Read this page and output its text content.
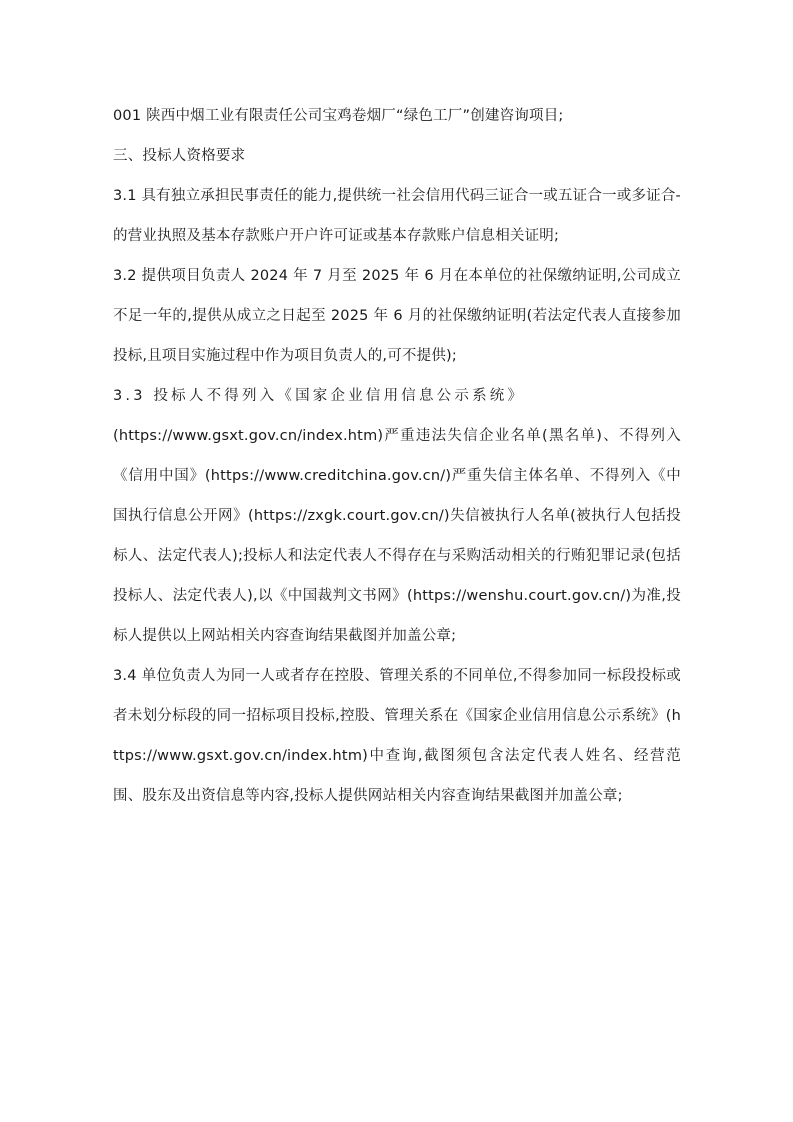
001 陕西中烟工业有限责任公司宝鸡卷烟厂“绿色工厂”创建咨询项目;

三、投标人资格要求

3.1 具有独立承担民事责任的能力,提供统一社会信用代码三证合一或五证合一或多证合-的营业执照及基本存款账户开户许可证或基本存款账户信息相关证明;

3.2 提供项目负责人 2024 年 7 月至 2025 年 6 月在本单位的社保缴纳证明,公司成立不足一年的,提供从成立之日起至 2025 年 6 月的社保缴纳证明(若法定代表人直接参加投标,且项目实施过程中作为项目负责人的,可不提供);

3.3 投标人不得列入《国家企业信用信息公示系统》

(https://www.gsxt.gov.cn/index.htm)严重违法失信企业名单(黑名单)、不得列入《信用中国》(https://www.creditchina.gov.cn/)严重失信主体名单、不得列入《中国执行信息公开网》(https://zxgk.court.gov.cn/)失信被执行人名单(被执行人包括投标人、法定代表人);投标人和法定代表人不得存在与采购活动相关的行贿犯罪记录(包括投标人、法定代表人),以《中国裁判文书网》(https://wenshu.court.gov.cn/)为准,投标人提供以上网站相关内容查询结果截图并加盖公章;

3.4 单位负责人为同一人或者存在控股、管理关系的不同单位,不得参加同一标段投标或者未划分标段的同一招标项目投标,控股、管理关系在《国家企业信用信息公示系统》(https://www.gsxt.gov.cn/index.htm)中查询,截图须包含法定代表人姓名、经营范围、股东及出资信息等内容,投标人提供网站相关内容查询结果截图并加盖公章;
